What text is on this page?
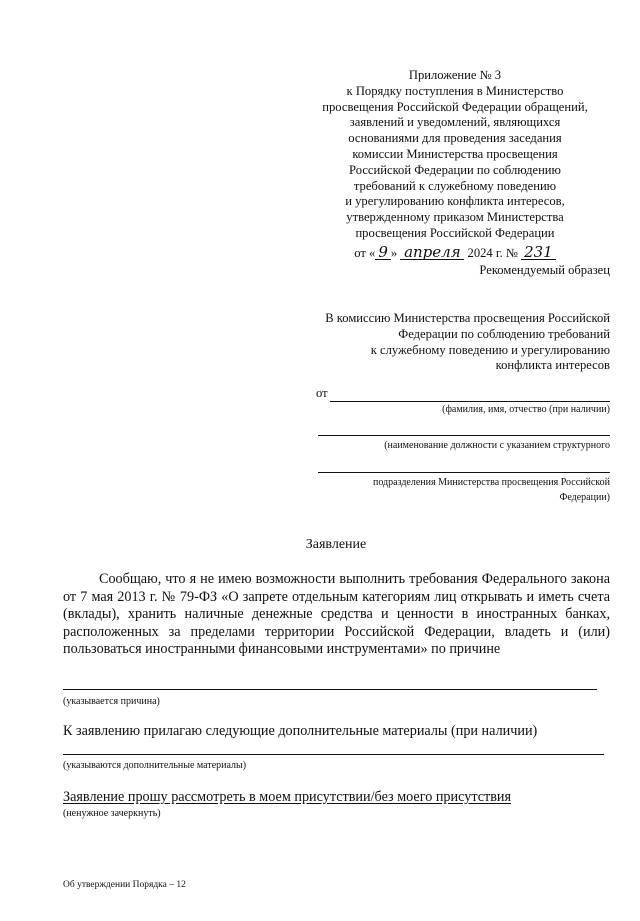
Приложение № 3
к Порядку поступления в Министерство
просвещения Российской Федерации обращений,
заявлений и уведомлений, являющихся
основаниями для проведения заседания
комиссии Министерства просвещения
Российской Федерации по соблюдению
требований к служебному поведению
и урегулированию конфликта интересов,
утвержденному приказом Министерства
просвещения Российской Федерации
от « 9 » апреля 2024 г. № 231
Рекомендуемый образец
В комиссию Министерства просвещения Российской
Федерации по соблюдению требований
к служебному поведению и урегулированию
конфликта интересов
от
(фамилия, имя, отчество (при наличии)
(наименование должности с указанием структурного
подразделения Министерства просвещения Российской
Федерации)
Заявление
Сообщаю, что я не имею возможности выполнить требования Федерального закона от 7 мая 2013 г. № 79-ФЗ «О запрете отдельным категориям лиц открывать и иметь счета (вклады), хранить наличные денежные средства и ценности в иностранных банках, расположенных за пределами территории Российской Федерации, владеть и (или) пользоваться иностранными финансовыми инструментами» по причине
(указывается причина)
К заявлению прилагаю следующие дополнительные материалы (при наличии)
(указываются дополнительные материалы)
Заявление прошу рассмотреть в моем присутствии/без моего присутствия
(ненужное зачеркнуть)
Об утверждении Порядка – 12
